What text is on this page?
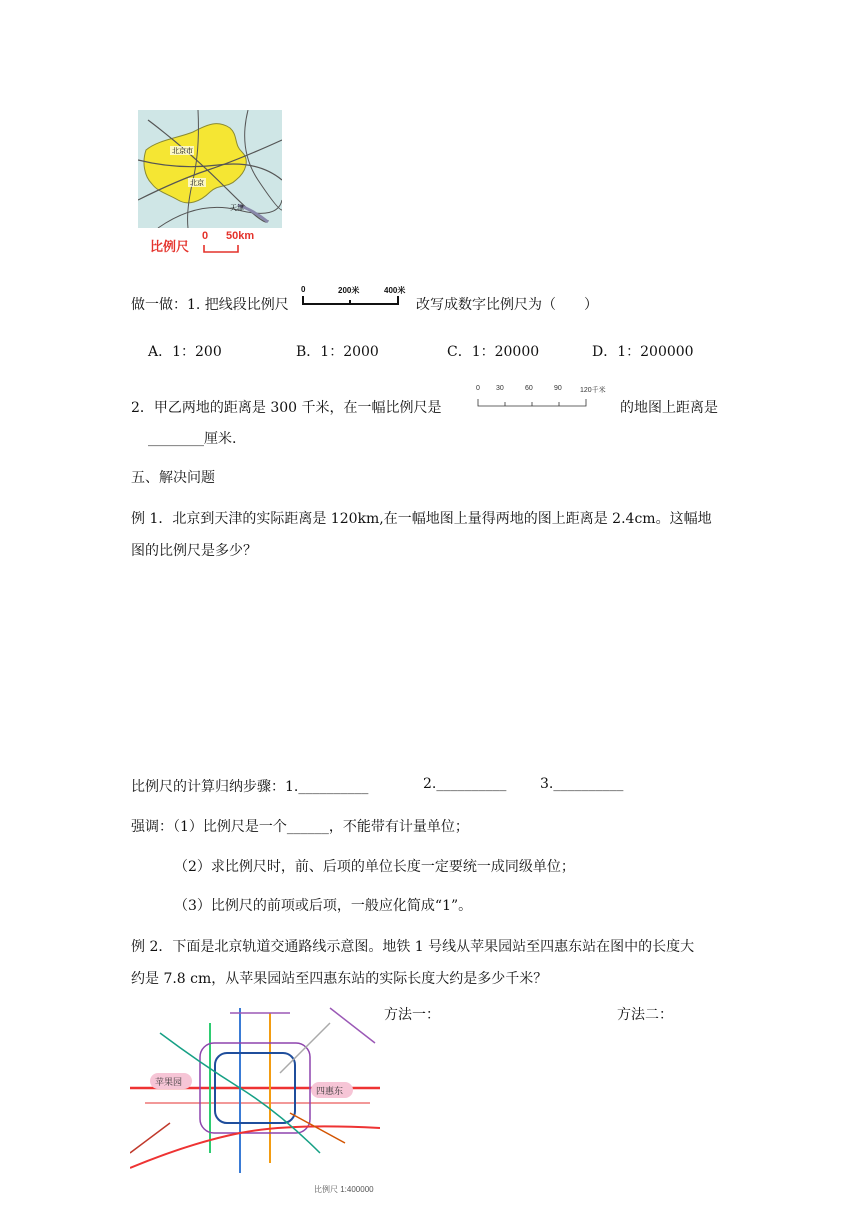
北京市
北京
天津
比例尺
0 50km
做一做：1. 把线段比例尺
0	200米	400米
改写成数字比例尺为（　　）
A．1：200	B．1：2000	C．1：20000	D．1：200000
2．甲乙两地的距离是 300 千米，在一幅比例尺是
0 30	60	90	120千米
的地图上距离是
________厘米.
五、解决问题
例 1．北京到天津的实际距离是 120km,在一幅地图上量得两地的图上距离是 2.4cm。这幅地
图的比例尺是多少？
比例尺的计算归纳步骤：1.__________	2.__________ 3.__________
强调：（1）比例尺是一个______，不能带有计量单位；
（2）求比例尺时，前、后项的单位长度一定要统一成同级单位；
（3）比例尺的前项或后项，一般应化简成“1”。
例 2．下面是北京轨道交通路线示意图。地铁 1 号线从苹果园站至四惠东站在图中的长度大
约是 7.8 cm，从苹果园站至四惠东站的实际长度大约是多少千米？
苹果园
四惠东
比例尺 1:400000
方法一：	方法二：
